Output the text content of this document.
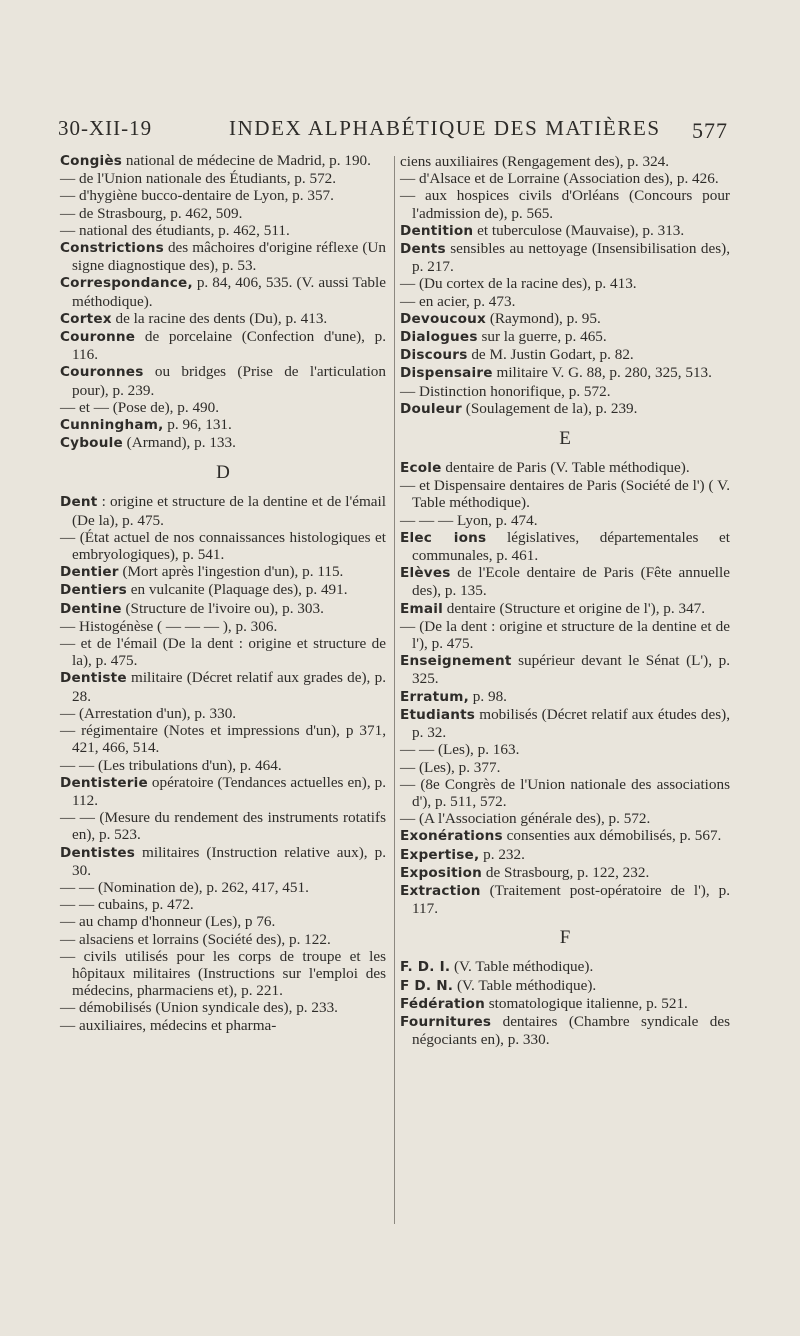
30-XII-19	INDEX ALPHABÉTIQUE DES MATIÈRES 577

Congiès national de médecine de Madrid, p. 190.

— de l'Union nationale des Étudiants, p. 572.

— d'hygiène bucco-dentaire de Lyon, p. 357.

— de Strasbourg, p. 462, 509.

— national des étudiants, p. 462, 511.

Constrictions des mâchoires d'origine réflexe (Un signe diagnostique des), p. 53.

Correspondance, p. 84, 406, 535. (V. aussi Table méthodique).

Cortex de la racine des dents (Du), p. 413.

Couronne de porcelaine (Confection d'une), p. 116.

Couronnes ou bridges (Prise de l'articulation pour), p. 239.

— et — (Pose de), p. 490.

Cunningham, p. 96, 131.

Cyboule (Armand), p. 133.

D

Dent : origine et structure de la dentine et de l'émail (De la), p. 475.

— (État actuel de nos connaissances histologiques et embryologiques), p. 541.

Dentier (Mort après l'ingestion d'un), p. 115.

Dentiers en vulcanite (Plaquage des), p. 491.

Dentine (Structure de l'ivoire ou), p. 303.

— Histogénèse ( — — — ), p. 306.

— et de l'émail (De la dent : origine et structure de la), p. 475.

Dentiste militaire (Décret relatif aux grades de), p. 28.

— (Arrestation d'un), p. 330.

— régimentaire (Notes et impressions d'un), p 371, 421, 466, 514.

— — (Les tribulations d'un), p. 464.

Dentisterie opératoire (Tendances actuelles en), p. 112.

— — (Mesure du rendement des instruments rotatifs en), p. 523.

Dentistes militaires (Instruction relative aux), p. 30.

— — (Nomination de), p. 262, 417, 451.

— — cubains, p. 472.

— au champ d'honneur (Les), p 76.

— alsaciens et lorrains (Société des), p. 122.

— civils utilisés pour les corps de troupe et les hôpitaux militaires (Instructions sur l'emploi des médecins, pharmaciens et), p. 221.

— démobilisés (Union syndicale des), p. 233.

— auxiliaires, médecins et pharma-

ciens auxiliaires (Rengagement des), p. 324.

— d'Alsace et de Lorraine (Association des), p. 426.

— aux hospices civils d'Orléans (Concours pour l'admission de), p. 565.

Dentition et tuberculose (Mauvaise), p. 313.

Dents sensibles au nettoyage (Insensibilisation des), p. 217.

— (Du cortex de la racine des), p. 413.

— en acier, p. 473.

Devoucoux (Raymond), p. 95.

Dialogues sur la guerre, p. 465.

Discours de M. Justin Godart, p. 82.

Dispensaire militaire V. G. 88, p. 280, 325, 513.

— Distinction honorifique, p. 572.

Douleur (Soulagement de la), p. 239.

E

Ecole dentaire de Paris (V. Table méthodique).

— et Dispensaire dentaires de Paris (Société de l') ( V. Table méthodique).

— — — Lyon, p. 474.

Elec ions législatives, départementales et communales, p. 461.

Elèves de l'Ecole dentaire de Paris (Fête annuelle des), p. 135.

Email dentaire (Structure et origine de l'), p. 347.

— (De la dent : origine et structure de la dentine et de l'), p. 475.

Enseignement supérieur devant le Sénat (L'), p. 325.

Erratum, p. 98.

Etudiants mobilisés (Décret relatif aux études des), p. 32.

— — (Les), p. 163.

— (Les), p. 377.

— (8e Congrès de l'Union nationale des associations d'), p. 511, 572.

— (A l'Association générale des), p. 572.

Exonérations consenties aux démobilisés, p. 567.

Expertise, p. 232.

Exposition de Strasbourg, p. 122, 232.

Extraction (Traitement post-opératoire de l'), p. 117.

F

F. D. I. (V. Table méthodique).

F D. N. (V. Table méthodique).

Fédération stomatologique italienne, p. 521.

Fournitures dentaires (Chambre syndicale des négociants en), p. 330.
